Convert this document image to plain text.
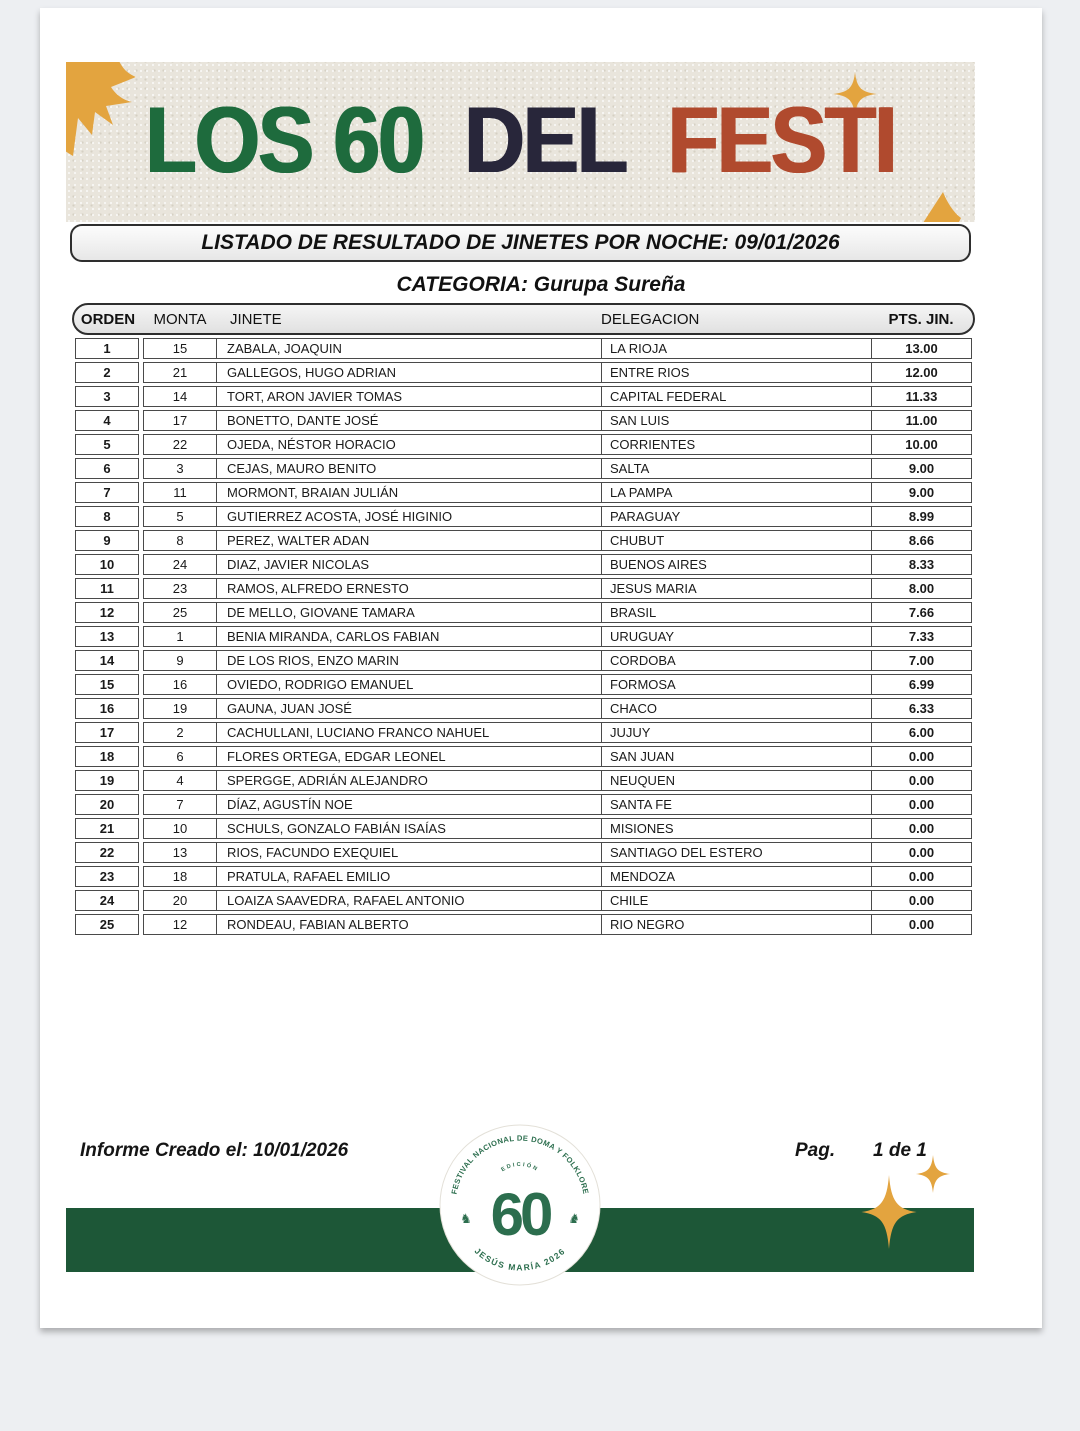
LOS 60 DEL FESTI
LISTADO DE RESULTADO DE JINETES POR NOCHE: 09/01/2026
CATEGORIA: Gurupa Sureña
ORDEN	MONTA	JINETE	DELEGACION	PTS. JIN.
1	15	ZABALA, JOAQUIN	LA RIOJA	13.00
2	21	GALLEGOS, HUGO ADRIAN	ENTRE RIOS	12.00
3	14	TORT, ARON JAVIER TOMAS	CAPITAL FEDERAL	11.33
4	17	BONETTO, DANTE JOSÉ	SAN LUIS	11.00
5	22	OJEDA, NÉSTOR HORACIO	CORRIENTES	10.00
6	3	CEJAS, MAURO BENITO	SALTA	9.00
7	11	MORMONT, BRAIAN JULIÁN	LA PAMPA	9.00
8	5	GUTIERREZ ACOSTA, JOSÉ HIGINIO	PARAGUAY	8.99
9	8	PEREZ, WALTER ADAN	CHUBUT	8.66
10	24	DIAZ, JAVIER NICOLAS	BUENOS AIRES	8.33
11	23	RAMOS, ALFREDO ERNESTO	JESUS MARIA	8.00
12	25	DE MELLO, GIOVANE TAMARA	BRASIL	7.66
13	1	BENIA MIRANDA, CARLOS FABIAN	URUGUAY	7.33
14	9	DE LOS RIOS, ENZO MARIN	CORDOBA	7.00
15	16	OVIEDO, RODRIGO EMANUEL	FORMOSA	6.99
16	19	GAUNA, JUAN JOSÉ	CHACO	6.33
17	2	CACHULLANI, LUCIANO FRANCO NAHUEL	JUJUY	6.00
18	6	FLORES ORTEGA, EDGAR LEONEL	SAN JUAN	0.00
19	4	SPERGGE, ADRIÁN ALEJANDRO	NEUQUEN	0.00
20	7	DÍAZ, AGUSTÍN NOE	SANTA FE	0.00
21	10	SCHULS, GONZALO FABIÁN ISAÍAS	MISIONES	0.00
22	13	RIOS, FACUNDO EXEQUIEL	SANTIAGO DEL ESTERO	0.00
23	18	PRATULA, RAFAEL EMILIO	MENDOZA	0.00
24	20	LOAIZA SAAVEDRA, RAFAEL ANTONIO	CHILE	0.00
25	12	RONDEAU, FABIAN ALBERTO	RIO NEGRO	0.00
Informe Creado el: 10/01/2026	Pag. 1 de 1
FESTIVAL NACIONAL DE DOMA Y FOLKLORE
JESÚS MARÍA 2026
EDICIÓN
60
♞	♞
